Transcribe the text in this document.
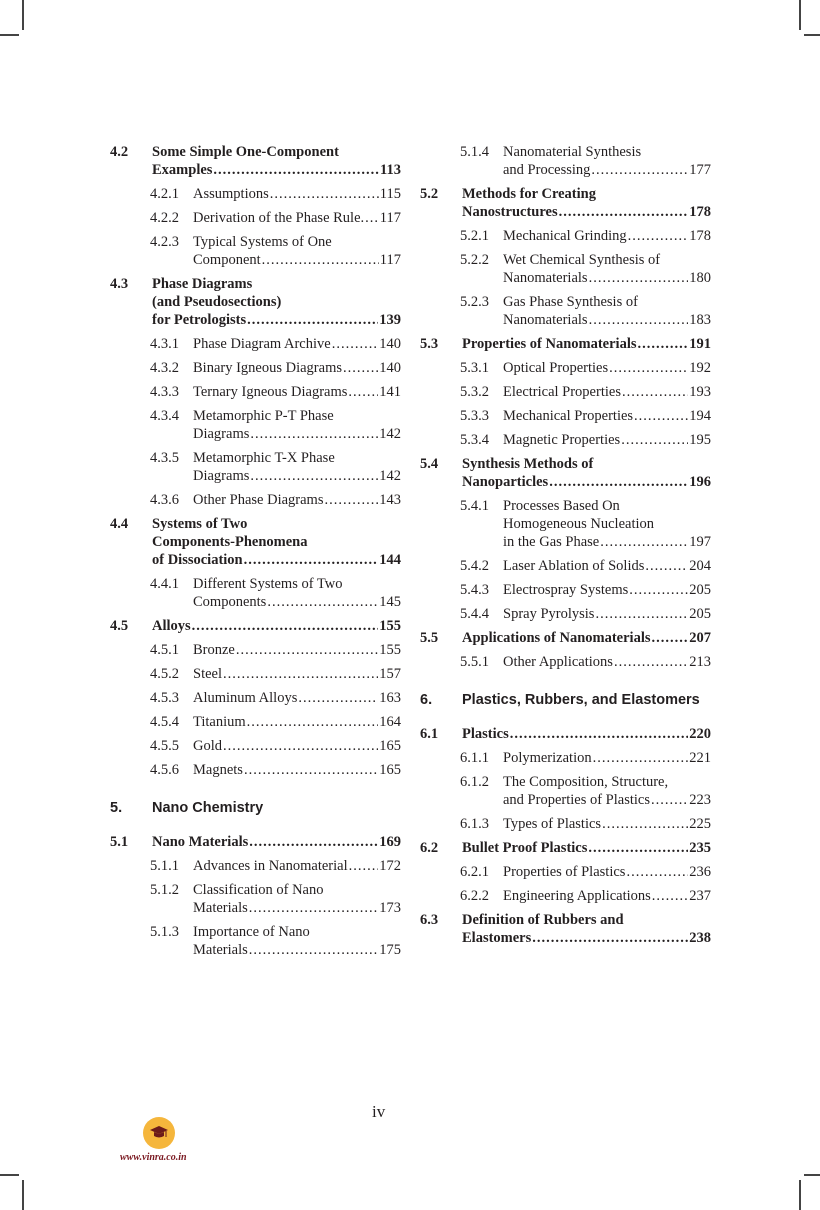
4.2 Some Simple One-Component
Examples .....	113
4.2.1 Assumptions .....	115
4.2.2 Derivation of the Phase Rule. ..... 117
4.2.3 Typical Systems of One
Component .....	117
4.3 Phase Diagrams
(and Pseudosections)
for Petrologists .....	139
4.3.1 Phase Diagram Archive .....	140
4.3.2 Binary Igneous Diagrams .....	140
4.3.3 Ternary Igneous Diagrams ..... 141
4.3.4 Metamorphic P-T Phase
Diagrams .....	142
4.3.5 Metamorphic T-X Phase
Diagrams .....	142
4.3.6 Other Phase Diagrams .....	143
4.4 Systems of Two
Components-Phenomena
of Dissociation .....	144
4.4.1 Different Systems of Two
Components .....	145
4.5 Alloys .....	155
4.5.1 Bronze .....	155
4.5.2 Steel .....	157
4.5.3 Aluminum Alloys .....	163
4.5.4 Titanium .....	164
4.5.5 Gold .....	165
4.5.6 Magnets .....	165
5. Nano Chemistry
5.1 Nano Materials .....	169
5.1.1 Advances in Nanomaterial ..... 172
5.1.2 Classification of Nano
Materials .....	173
5.1.3 Importance of Nano
Materials .....	175
5.1.4 Nanomaterial Synthesis
and Processing .....	177
5.2 Methods for Creating
Nanostructures .....	178
5.2.1 Mechanical Grinding .....	178
5.2.2 Wet Chemical Synthesis of
Nanomaterials .....	180
5.2.3 Gas Phase Synthesis of
Nanomaterials .....	183
5.3 Properties of Nanomaterials .....	191
5.3.1 Optical Properties .....	192
5.3.2 Electrical Properties .....	193
5.3.3 Mechanical Properties .....	194
5.3.4 Magnetic Properties .....	195
5.4 Synthesis Methods of
Nanoparticles .....	196
5.4.1 Processes Based On
Homogeneous Nucleation
in the Gas Phase .....	197
5.4.2 Laser Ablation of Solids .....	204
5.4.3 Electrospray Systems .....	205
5.4.4 Spray Pyrolysis .....	205
5.5 Applications of Nanomaterials .....	207
5.5.1 Other Applications .....	213
6. Plastics, Rubbers, and Elastomers
6.1 Plastics .....	220
6.1.1 Polymerization .....	221
6.1.2 The Composition, Structure,
and Properties of Plastics .....	223
6.1.3 Types of Plastics .....	225
6.2 Bullet Proof Plastics .....	235
6.2.1 Properties of Plastics .....	236
6.2.2 Engineering Applications .....	237
6.3 Definition of Rubbers and
Elastomers .....	238
iv
www.vinra.co.in
